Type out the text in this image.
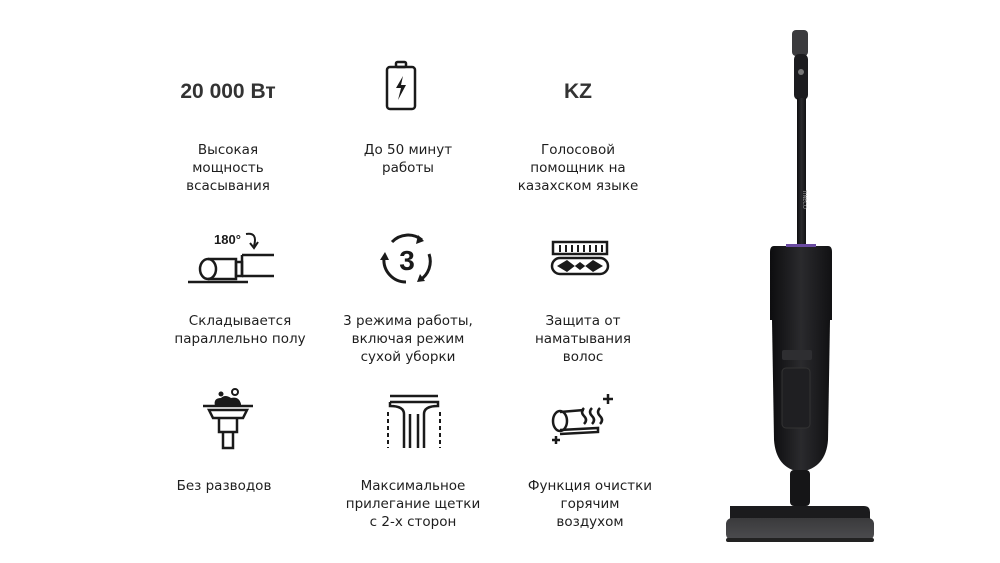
20 000 Вт
Высокая
мощность
всасывания
До 50 минут
работы
KZ
Голосовой
помощник на
казахском языке
180°
Складывается
параллельно полу
3
3 режима работы,
включая режим
сухой уборки
Защита от
наматывания
волос
Без разводов	Максимальное
прилегание щетки
с 2-х сторон
Функция очистки
горячим
воздухом
TINECO
